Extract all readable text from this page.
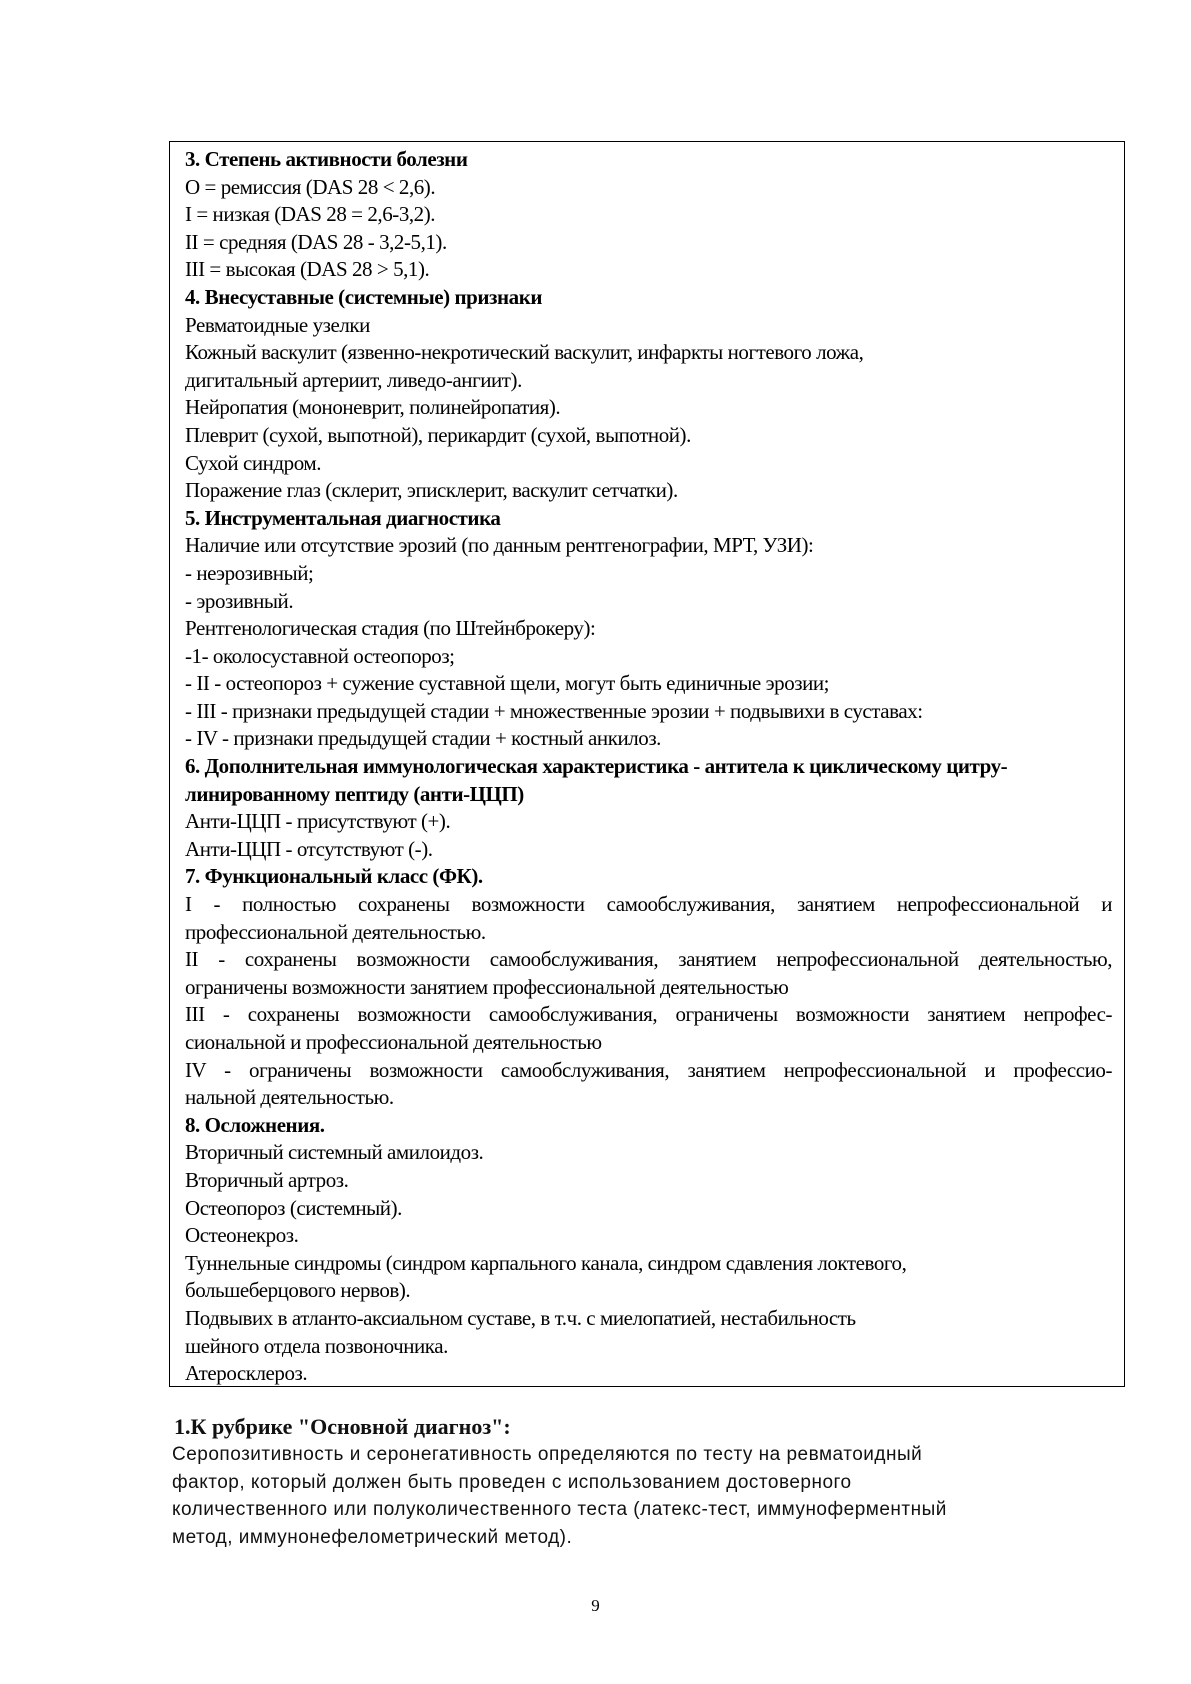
3. Степень активности болезни
О = ремиссия (DAS 28 < 2,6).
I = низкая (DAS 28 = 2,6-3,2).
II = средняя (DAS 28 - 3,2-5,1).
III = высокая (DAS 28 > 5,1).
4. Внесуставные (системные) признаки
Ревматоидные узелки
Кожный васкулит (язвенно-некротический васкулит, инфаркты ногтевого ложа,
дигитальный артериит, ливедо-ангиит).
Нейропатия (мононеврит, полинейропатия).
Плеврит (сухой, выпотной), перикардит (сухой, выпотной).
Сухой синдром.
Поражение глаз (склерит, эписклерит, васкулит сетчатки).
5. Инструментальная диагностика
Наличие или отсутствие эрозий (по данным рентгенографии, МРТ, УЗИ):
- неэрозивный;
- эрозивный.
Рентгенологическая стадия (по Штейнброкеру):
-1- околосуставной остеопороз;
- II - остеопороз + сужение суставной щели, могут быть единичные эрозии;
- III - признаки предыдущей стадии + множественные эрозии + подвывихи в суставах:
- IV - признаки предыдущей стадии + костный анкилоз.
6. Дополнительная иммунологическая характеристика - антитела к циклическому цитру-
линированному пептиду (анти-ЦЦП)
Анти-ЦЦП - присутствуют (+).
Анти-ЦЦП - отсутствуют (-).
7. Функциональный класс (ФК).
I - полностью сохранены возможности самообслуживания, занятием непрофессиональной и
профессиональной деятельностью.
II - сохранены возможности самообслуживания, занятием непрофессиональной деятельностью,
ограничены возможности занятием профессиональной деятельностью
III - сохранены возможности самообслуживания, ограничены возможности занятием непрофес-
сиональной и профессиональной деятельностью
IV - ограничены возможности самообслуживания, занятием непрофессиональной и профессио-
нальной деятельностью.
8. Осложнения.
Вторичный системный амилоидоз.
Вторичный артроз.
Остеопороз (системный).
Остеонекроз.
Туннельные синдромы (синдром карпального канала, синдром сдавления локтевого,
большеберцового нервов).
Подвывих в атланто-аксиальном суставе, в т.ч. с миелопатией, нестабильность
шейного отдела позвоночника.
Атеросклероз.
1.К рубрике "Основной диагноз":
Серопозитивность и серонегативность определяются по тесту на ревматоидный
фактор, который должен быть проведен с использованием достоверного
количественного или полуколичественного теста (латекс-тест, иммуноферментный
метод, иммунонефелометрический метод).
9
